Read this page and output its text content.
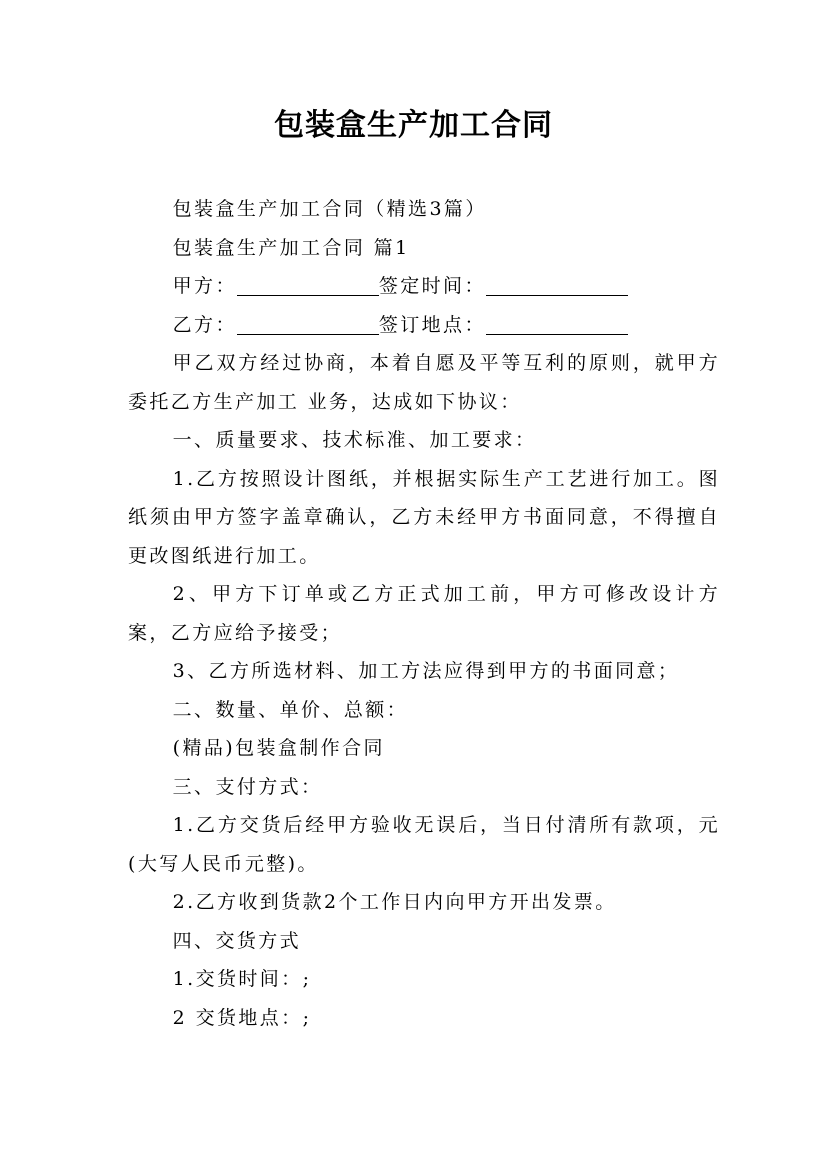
包装盒生产加工合同

包装盒生产加工合同（精选3篇）

包装盒生产加工合同 篇1

甲方：	签定时间：

乙方：	签订地点：

甲乙双方经过协商，本着自愿及平等互利的原则，就甲方委托乙方生产加工 业务，达成如下协议：

一、质量要求、技术标准、加工要求：

1.乙方按照设计图纸，并根据实际生产工艺进行加工。图纸须由甲方签字盖章确认，乙方未经甲方书面同意，不得擅自更改图纸进行加工。

2、甲方下订单或乙方正式加工前，甲方可修改设计方案，乙方应给予接受；

3、乙方所选材料、加工方法应得到甲方的书面同意；

二、数量、单价、总额：

(精品)包装盒制作合同

三、支付方式：

1.乙方交货后经甲方验收无误后，当日付清所有款项，元(大写人民币元整)。

2.乙方收到货款2个工作日内向甲方开出发票。

四、交货方式

1.交货时间：;

2 交货地点：;
